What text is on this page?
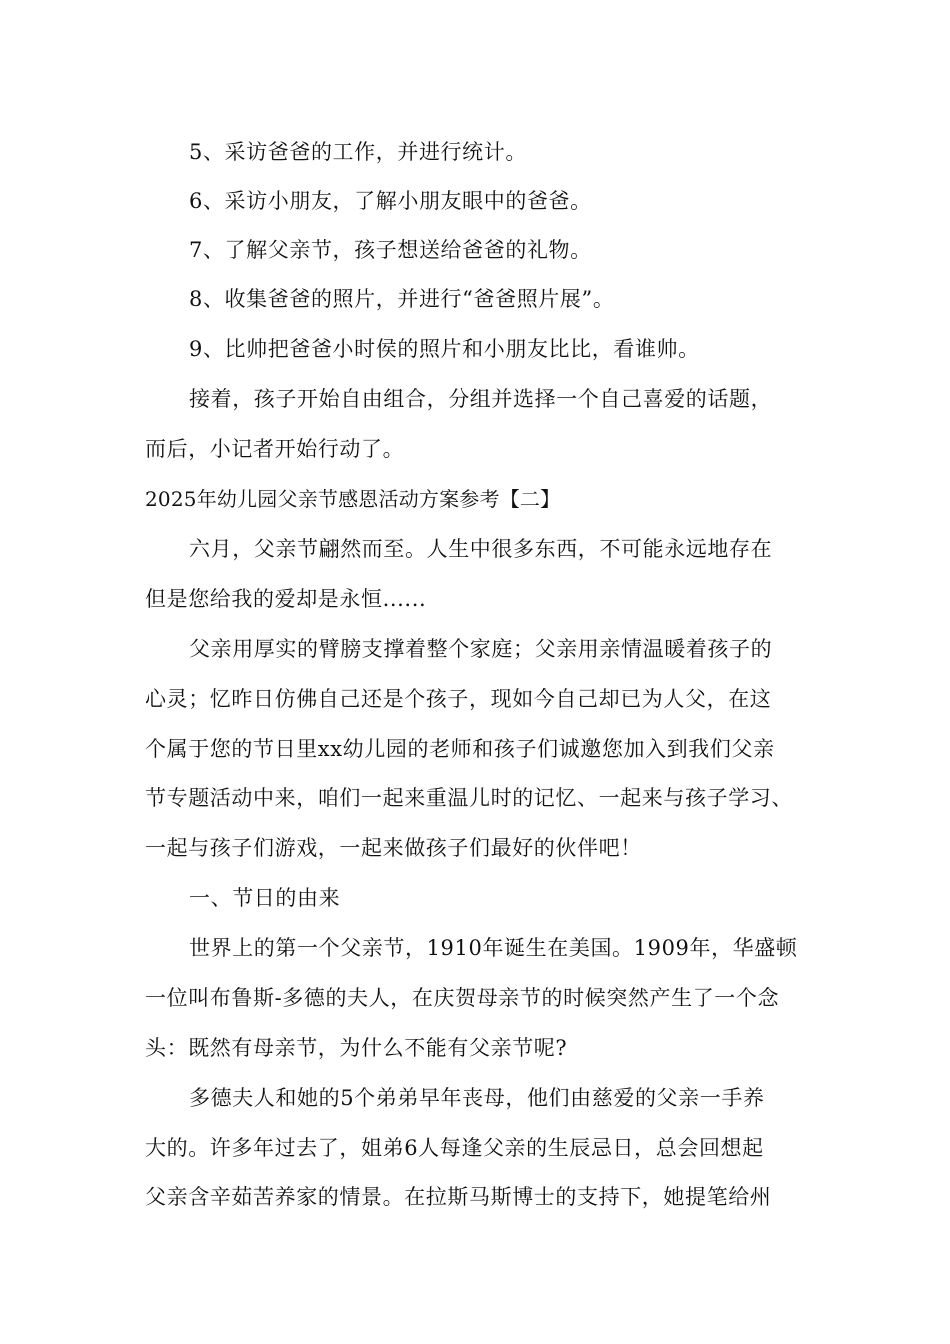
5、采访爸爸的工作，并进行统计。
6、采访小朋友，了解小朋友眼中的爸爸。
7、了解父亲节，孩子想送给爸爸的礼物。
8、收集爸爸的照片，并进行“爸爸照片展”。
9、比帅把爸爸小时侯的照片和小朋友比比，看谁帅。
接着，孩子开始自由组合，分组并选择一个自己喜爱的话题，
而后，小记者开始行动了。
2025年幼儿园父亲节感恩活动方案参考【二】
六月，父亲节翩然而至。人生中很多东西，不可能永远地存在
但是您给我的爱却是永恒......
父亲用厚实的臂膀支撑着整个家庭；父亲用亲情温暖着孩子的
心灵；忆昨日仿佛自己还是个孩子，现如今自己却已为人父，在这
个属于您的节日里xx幼儿园的老师和孩子们诚邀您加入到我们父亲
节专题活动中来，咱们一起来重温儿时的记忆、一起来与孩子学习、
一起与孩子们游戏，一起来做孩子们最好的伙伴吧！
一、节日的由来
世界上的第一个父亲节，1910年诞生在美国。1909年，华盛顿
一位叫布鲁斯-多德的夫人，在庆贺母亲节的时候突然产生了一个念
头：既然有母亲节，为什么不能有父亲节呢?
多德夫人和她的5个弟弟早年丧母，他们由慈爱的父亲一手养
大的。许多年过去了，姐弟6人每逢父亲的生辰忌日，总会回想起
父亲含辛茹苦养家的情景。在拉斯马斯博士的支持下，她提笔给州
